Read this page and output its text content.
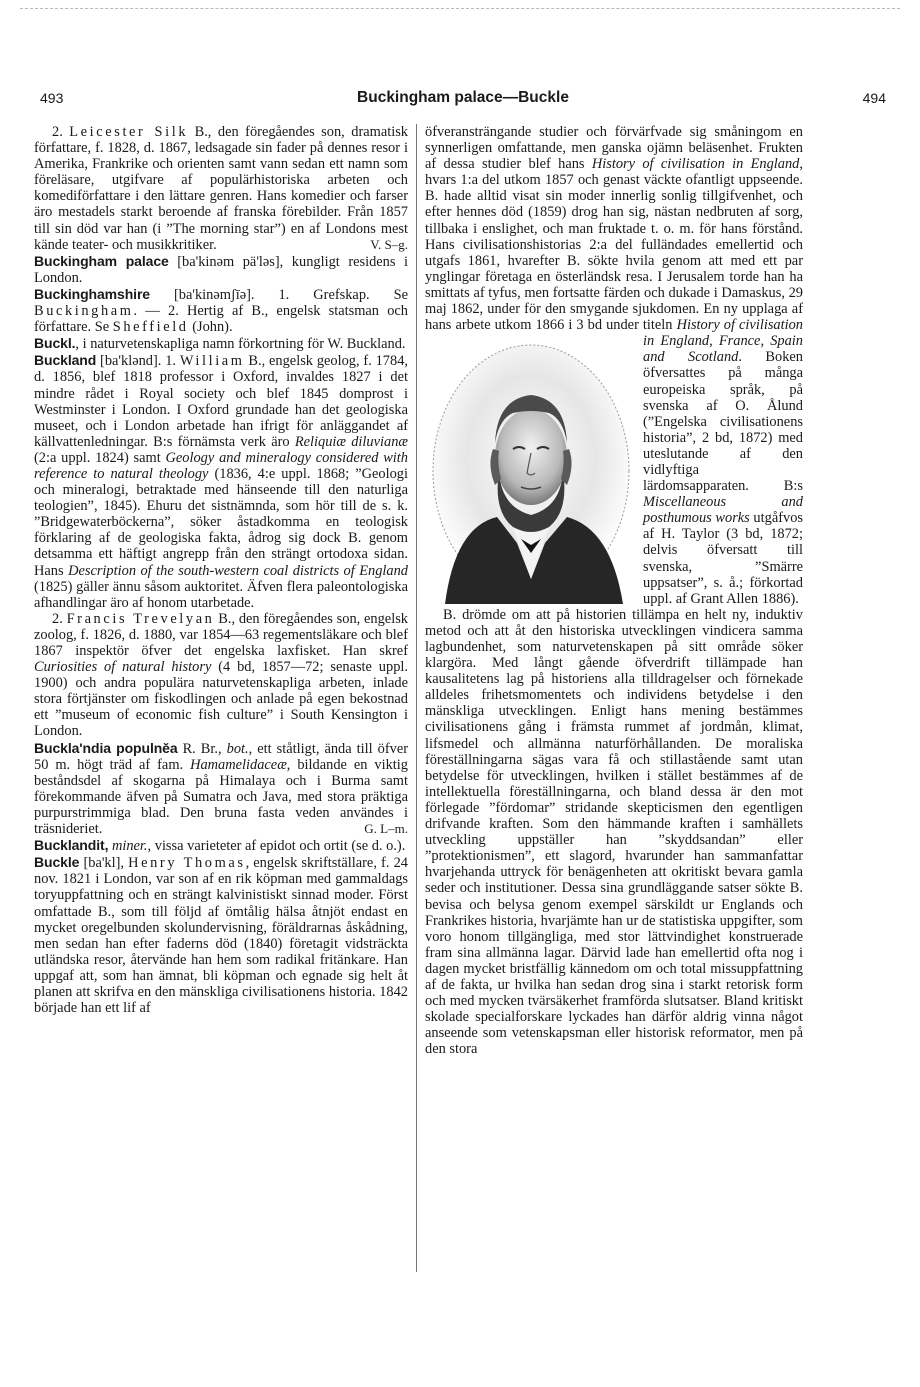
493	Buckingham palace—Buckle	494

2. Leicester Silk B., den föregåendes son, dramatisk författare, f. 1828, d. 1867, ledsagade sin fader på dennes resor i Amerika, Frankrike och orienten samt vann sedan ett namn som föreläsare, utgifvare af populärhistoriska arbeten och komediförfattare i den lättare genren. Hans komedier och farser äro mestadels starkt beroende af franska förebilder. Från 1857 till sin död var han (i ”The morning star”) en af Londons mest kände teater- och musikkritiker.	V. S–g.

Buckingham palace [ba'kinəm pä'ləs], kungligt residens i London.

Buckinghamshire [ba'kinəmʃīə]. 1. Grefskap. Se Buckingham. — 2. Hertig af B., engelsk statsman och författare. Se Sheffield (John).

Buckl., i naturvetenskapliga namn förkortning för W. Buckland.

Buckland [ba'klənd]. 1. William B., engelsk geolog, f. 1784, d. 1856, blef 1818 professor i Oxford, invaldes 1827 i det mindre rådet i Royal society och blef 1845 domprost i Westminster i London. I Oxford grundade han det geologiska museet, och i London arbetade han ifrigt för anläggandet af källvattenledningar. B:s förnämsta verk äro Reliquiæ diluvianæ (2:a uppl. 1824) samt Geology and mineralogy considered with reference to natural theology (1836, 4:e uppl. 1868; ”Geologi och mineralogi, betraktade med hänseende till den naturliga teologien”, 1845). Ehuru det sistnämnda, som hör till de s. k. ”Bridgewaterböckerna”, söker åstadkomma en teologisk förklaring af de geologiska fakta, ådrog sig dock B. genom detsamma ett häftigt angrepp från den strängt ortodoxa sidan. Hans Description of the south-western coal districts of England (1825) gäller ännu såsom auktoritet. Äfven flera paleontologiska afhandlingar äro af honom utarbetade.

2. Francis Trevelyan B., den föregåendes son, engelsk zoolog, f. 1826, d. 1880, var 1854—63 regementsläkare och blef 1867 inspektör öfver det engelska laxfisket. Han skref Curiosities of natural history (4 bd, 1857—72; senaste uppl. 1900) och andra populära naturvetenskapliga arbeten, inlade stora förtjänster om fiskodlingen och anlade på egen bekostnad ett ”museum of economic fish culture” i South Kensington i London.

Buckla'ndia populnĕa R. Br., bot., ett ståtligt, ända till öfver 50 m. högt träd af fam. Hamamelidaceæ, bildande en viktig beståndsdel af skogarna på Himalaya och i Burma samt förekommande äfven på Sumatra och Java, med stora präktiga purpurstrimmiga blad. Den bruna fasta veden användes i träsnideriet.	G. L–m.

Bucklandit, miner., vissa varieteter af epidot och ortit (se d. o.).

Buckle [ba'kl], Henry Thomas, engelsk skriftställare, f. 24 nov. 1821 i London, var son af en rik köpman med gammaldags toryuppfattning och en strängt kalvinistiskt sinnad moder. Först omfattade B., som till följd af ömtålig hälsa åtnjöt endast en mycket oregelbunden skolundervisning, föräldrarnas åskådning, men sedan han efter faderns död (1840) företagit vidsträckta utländska resor, återvände han hem som radikal fritänkare. Han uppgaf att, som han ämnat, bli köpman och egnade sig helt åt planen att skrifva en den mänskliga civilisationens historia. 1842 började han ett lif af

öfveransträngande studier och förvärfvade sig småningom en synnerligen omfattande, men ganska ojämn beläsenhet. Frukten af dessa studier blef hans History of civilisation in England, hvars 1:a del utkom 1857 och genast väckte ofantligt uppseende. B. hade alltid visat sin moder innerlig sonlig tillgifvenhet, och efter hennes död (1859) drog han sig, nästan nedbruten af sorg, tillbaka i enslighet, och man fruktade t. o. m. för hans förstånd. Hans civilisationshistorias 2:a del fulländades emellertid och utgafs 1861, hvarefter B. sökte hvila genom att med ett par ynglingar företaga en österländsk resa. I Jerusalem torde han ha smittats af tyfus, men fortsatte färden och dukade i Damaskus, 29 maj 1862, under för den smygande sjukdomen. En ny upplaga af hans arbete utkom 1866 i 3 bd under titeln
History of civilisation in England, France, Spain and Scotland. Boken öfversattes på många europeiska språk, på svenska af O. Ålund (”Engelska civilisationens historia”, 2 bd, 1872) med uteslutande af den vidlyftiga lärdomsapparaten. B:s Miscellaneous and posthumous works utgåfvos af H. Taylor (3 bd, 1872; delvis öfversatt till svenska, ”Smärre uppsatser”, s. å.; förkortad uppl. af Grant Allen 1886).

B. drömde om att på historien tillämpa en helt ny, induktiv metod och att åt den historiska utvecklingen vindicera samma lagbundenhet, som naturvetenskapen på sitt område söker klargöra. Med långt gående öfverdrift tillämpade han kausalitetens lag på historiens alla tilldragelser och förnekade alldeles frihetsmomentets och individens betydelse i den mänskliga utvecklingen. Enligt hans mening bestämmes civilisationens gång i främsta rummet af jordmån, klimat, lifsmedel och allmänna naturförhållanden. De moraliska föreställningarna sägas vara få och stillastående samt utan betydelse för utvecklingen, hvilken i stället bestämmes af de intellektuella föreställningarna, och bland dessa är den mot förlegade ”fördomar” stridande skepticismen den egentligen drifvande kraften. Som den hämmande kraften i samhällets utveckling uppställer han ”skyddsandan” eller ”protektionismen”, ett slagord, hvarunder han sammanfattar hvarjehanda uttryck för benägenheten att okritiskt bevara gamla seder och institutioner. Dessa sina grundläggande satser sökte B. bevisa och belysa genom exempel särskildt ur Englands och Frankrikes historia, hvarjämte han ur de statistiska uppgifter, som voro honom tillgängliga, med stor lättvindighet konstruerade fram sina allmänna lagar. Därvid lade han emellertid ofta nog i dagen mycket bristfällig kännedom om och total missuppfattning af de fakta, ur hvilka han sedan drog sina i starkt retorisk form och med mycken tvärsäkerhet framförda slutsatser. Bland kritiskt skolade specialforskare lyckades han därför aldrig vinna något anseende som vetenskapsman eller historisk reformator, men på den stora
